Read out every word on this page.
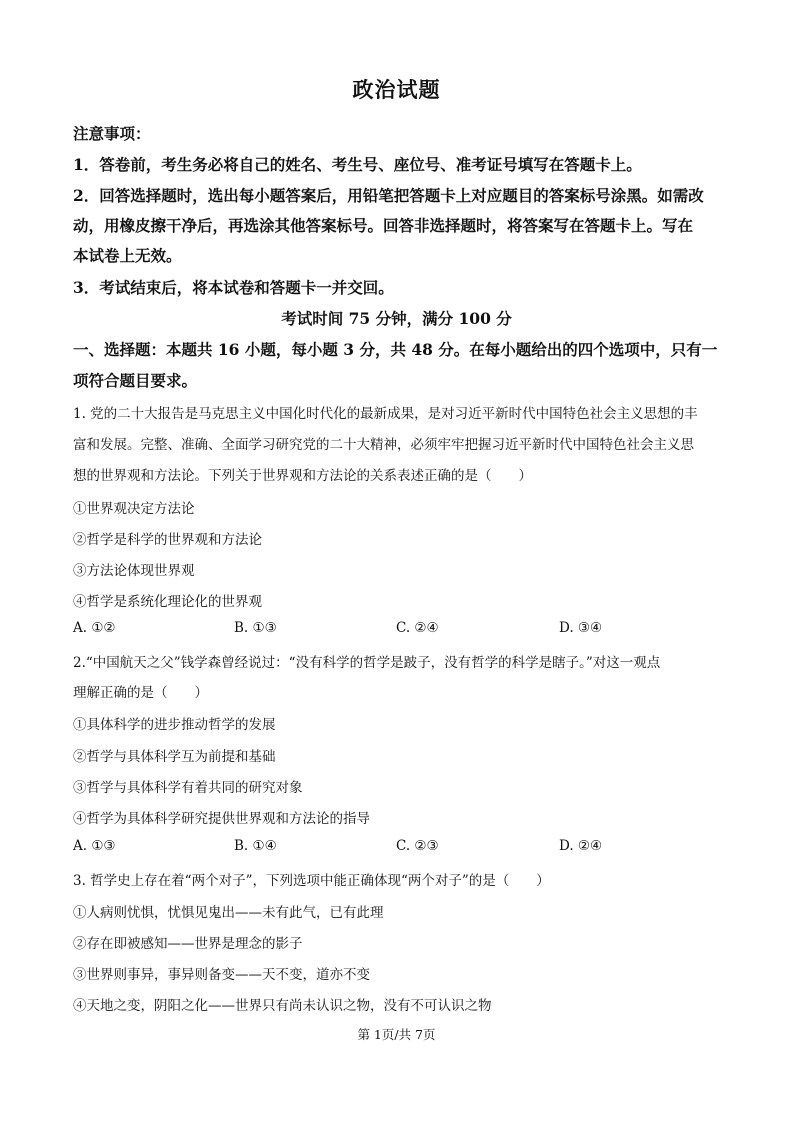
政治试题
注意事项：
1．答卷前，考生务必将自己的姓名、考生号、座位号、准考证号填写在答题卡上。
2．回答选择题时，选出每小题答案后，用铅笔把答题卡上对应题目的答案标号涂黑。如需改
动，用橡皮擦干净后，再选涂其他答案标号。回答非选择题时，将答案写在答题卡上。写在
本试卷上无效。
3．考试结束后，将本试卷和答题卡一并交回。
考试时间 75 分钟，满分 100 分
一、选择题：本题共 16 小题，每小题 3 分，共 48 分。在每小题给出的四个选项中，只有一
项符合题目要求。
1. 党的二十大报告是马克思主义中国化时代化的最新成果，是对习近平新时代中国特色社会主义思想的丰
富和发展。完整、准确、全面学习研究党的二十大精神，必须牢牢把握习近平新时代中国特色社会主义思
想的世界观和方法论。下列关于世界观和方法论的关系表述正确的是（　　）
①世界观决定方法论
②哲学是科学的世界观和方法论
③方法论体现世界观
④哲学是系统化理论化的世界观
A. ①②	B. ①③	C. ②④	D. ③④
2.“中国航天之父”钱学森曾经说过：“没有科学的哲学是跛子，没有哲学的科学是瞎子。”对这一观点
理解正确的是（　　）
①具体科学的进步推动哲学的发展
②哲学与具体科学互为前提和基础
③哲学与具体科学有着共同的研究对象
④哲学为具体科学研究提供世界观和方法论的指导
A. ①③	B. ①④	C. ②③	D. ②④
3. 哲学史上存在着“两个对子”，下列选项中能正确体现“两个对子”的是（　　）
①人病则忧惧，忧惧见鬼出——未有此气，已有此理
②存在即被感知——世界是理念的影子
③世界则事异，事异则备变——天不变，道亦不变
④天地之变，阴阳之化——世界只有尚未认识之物，没有不可认识之物
第 1页/共 7页
